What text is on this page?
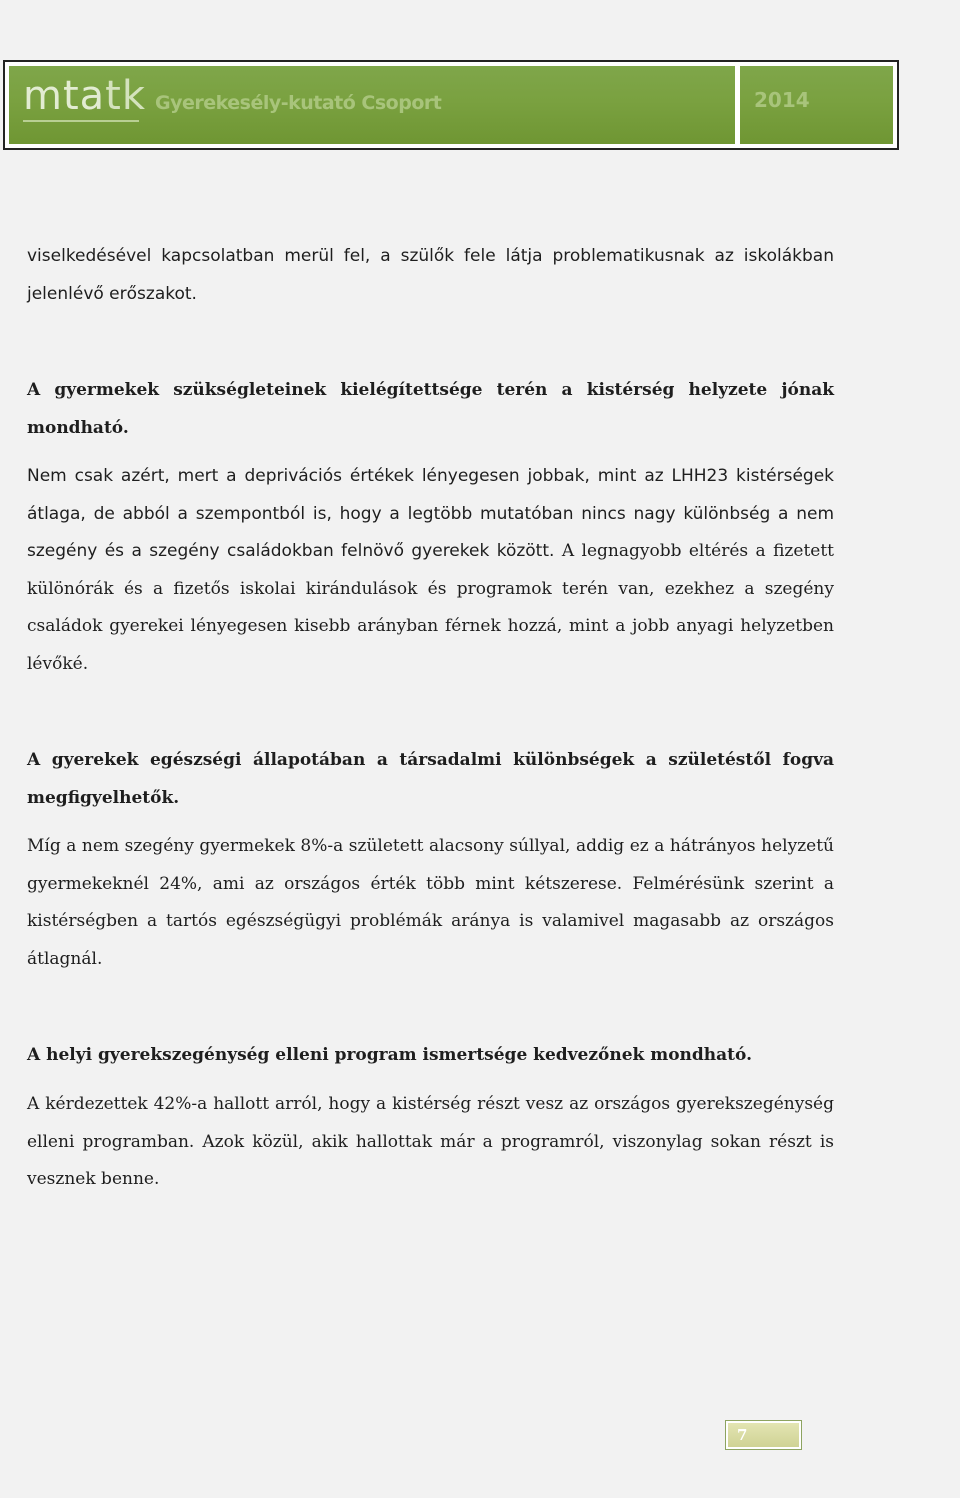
mtatk Gyerekesély-kutató Csoport	2014

viselkedésével kapcsolatban merül fel, a szülők fele látja problematikusnak az iskolákban jelenlévő erőszakot.

A gyermekek szükségleteinek kielégítettsége terén a kistérség helyzete jónak mondható.

Nem csak azért, mert a deprivációs értékek lényegesen jobbak, mint az LHH23 kistérségek átlaga, de abból a szempontból is, hogy a legtöbb mutatóban nincs nagy különbség a nem szegény és a szegény családokban felnövő gyerekek között. A legnagyobb eltérés a fizetett különórák és a fizetős iskolai kirándulások és programok terén van, ezekhez a szegény családok gyerekei lényegesen kisebb arányban férnek hozzá, mint a jobb anyagi helyzetben lévőké.

A gyerekek egészségi állapotában a társadalmi különbségek a születéstől fogva megfigyelhetők.

Míg a nem szegény gyermekek 8%-a született alacsony súllyal, addig ez a hátrányos helyzetű gyermekeknél 24%, ami az országos érték több mint kétszerese. Felmérésünk szerint a kistérségben a tartós egészségügyi problémák aránya is valamivel magasabb az országos átlagnál.

A helyi gyerekszegénység elleni program ismertsége kedvezőnek mondható.

A kérdezettek 42%-a hallott arról, hogy a kistérség részt vesz az országos gyerekszegénység elleni programban. Azok közül, akik hallottak már a programról, viszonylag sokan részt is vesznek benne.

7
